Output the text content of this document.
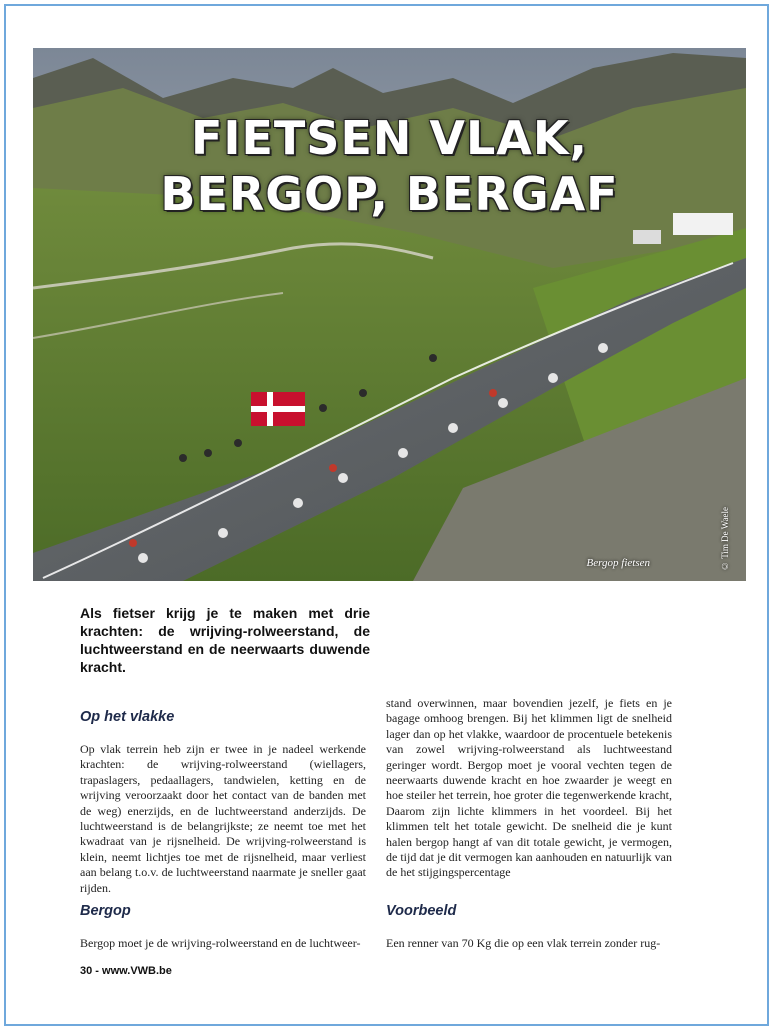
FIETSEN VLAK,
BERGOP, BERGAF
Bergop fietsen	© Tim De Waele
Als fietser krijg je te maken met drie krachten: de wrijving-rolweerstand, de luchtweerstand en de neerwaarts duwende kracht.
Op het vlakke
Op vlak terrein heb zijn er twee in je nadeel werkende krachten: de wrijving-rolweerstand (wiellagers, trapaslagers, pedaallagers, tandwielen, ketting en de wrijving veroorzaakt door het contact van de banden met de weg) enerzijds, en de luchtweerstand anderzijds. De luchtweerstand is de belangrijkste; ze neemt toe met het kwadraat van je rijsnelheid. De wrijving-rolweerstand is klein, neemt lichtjes toe met de rijsnelheid, maar verliest aan belang t.o.v. de luchtweerstand naarmate je sneller gaat rijden.
Bergop
Bergop moet je de wrijving-rolweerstand en de luchtweer-
stand overwinnen, maar bovendien jezelf, je fiets en je bagage omhoog brengen. Bij het klimmen ligt de snelheid lager dan op het vlakke, waardoor de procentuele betekenis van zowel wrijving-rolweerstand als luchtweestand geringer wordt. Bergop moet je vooral vechten tegen de neerwaarts duwende kracht en hoe zwaarder je weegt en hoe steiler het terrein, hoe groter die tegenwerkende kracht, Daarom zijn lichte klimmers in het voordeel. Bij het klimmen telt het totale gewicht. De snelheid die je kunt halen bergop hangt af van dit totale gewicht, je vermogen, de tijd dat je dit vermogen kan aanhouden en natuurlijk van de het stijgingspercentage
Voorbeeld
Een renner van 70 Kg die op een vlak terrein zonder rug-
30 - www.VWB.be
